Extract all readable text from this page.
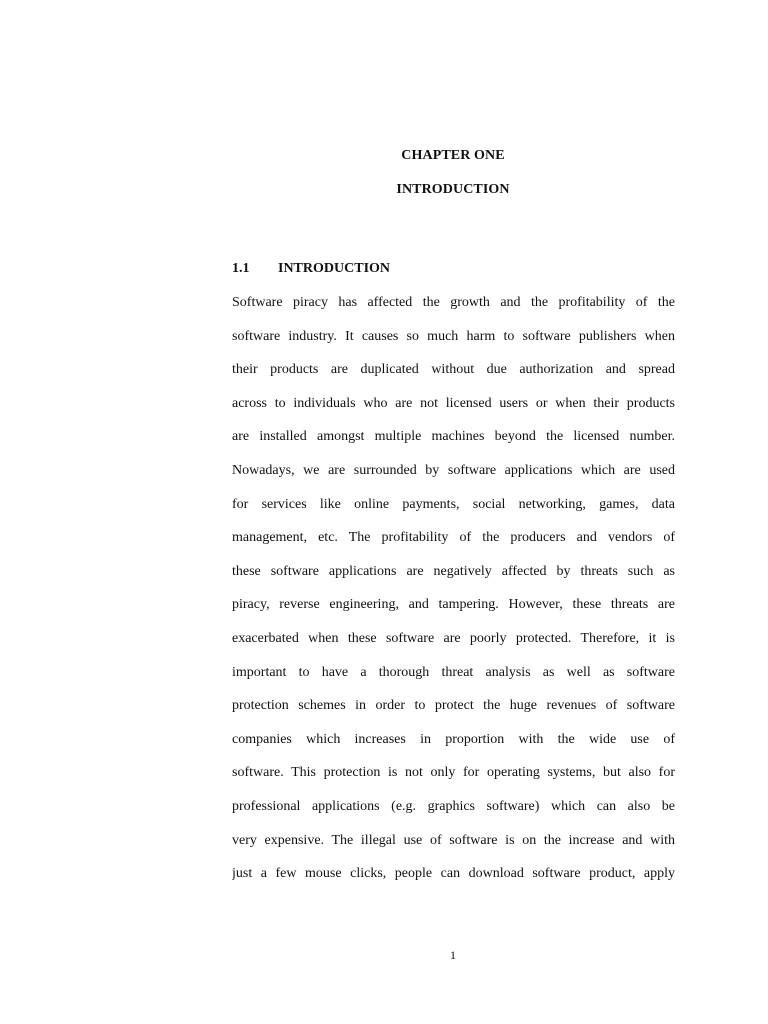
CHAPTER ONE
INTRODUCTION
1.1 INTRODUCTION
Software piracy has affected the growth and the profitability of the
software industry. It causes so much harm to software publishers when
their products are duplicated without due authorization and spread
across to individuals who are not licensed users or when their products
are installed amongst multiple machines beyond the licensed number.
Nowadays, we are surrounded by software applications which are used
for services like online payments, social networking, games, data
management, etc. The profitability of the producers and vendors of
these software applications are negatively affected by threats such as
piracy, reverse engineering, and tampering. However, these threats are
exacerbated when these software are poorly protected. Therefore, it is
important to have a thorough threat analysis as well as software
protection schemes in order to protect the huge revenues of software
companies which increases in proportion with the wide use of
software. This protection is not only for operating systems, but also for
professional applications (e.g. graphics software) which can also be
very expensive. The illegal use of software is on the increase and with
just a few mouse clicks, people can download software product, apply
1
